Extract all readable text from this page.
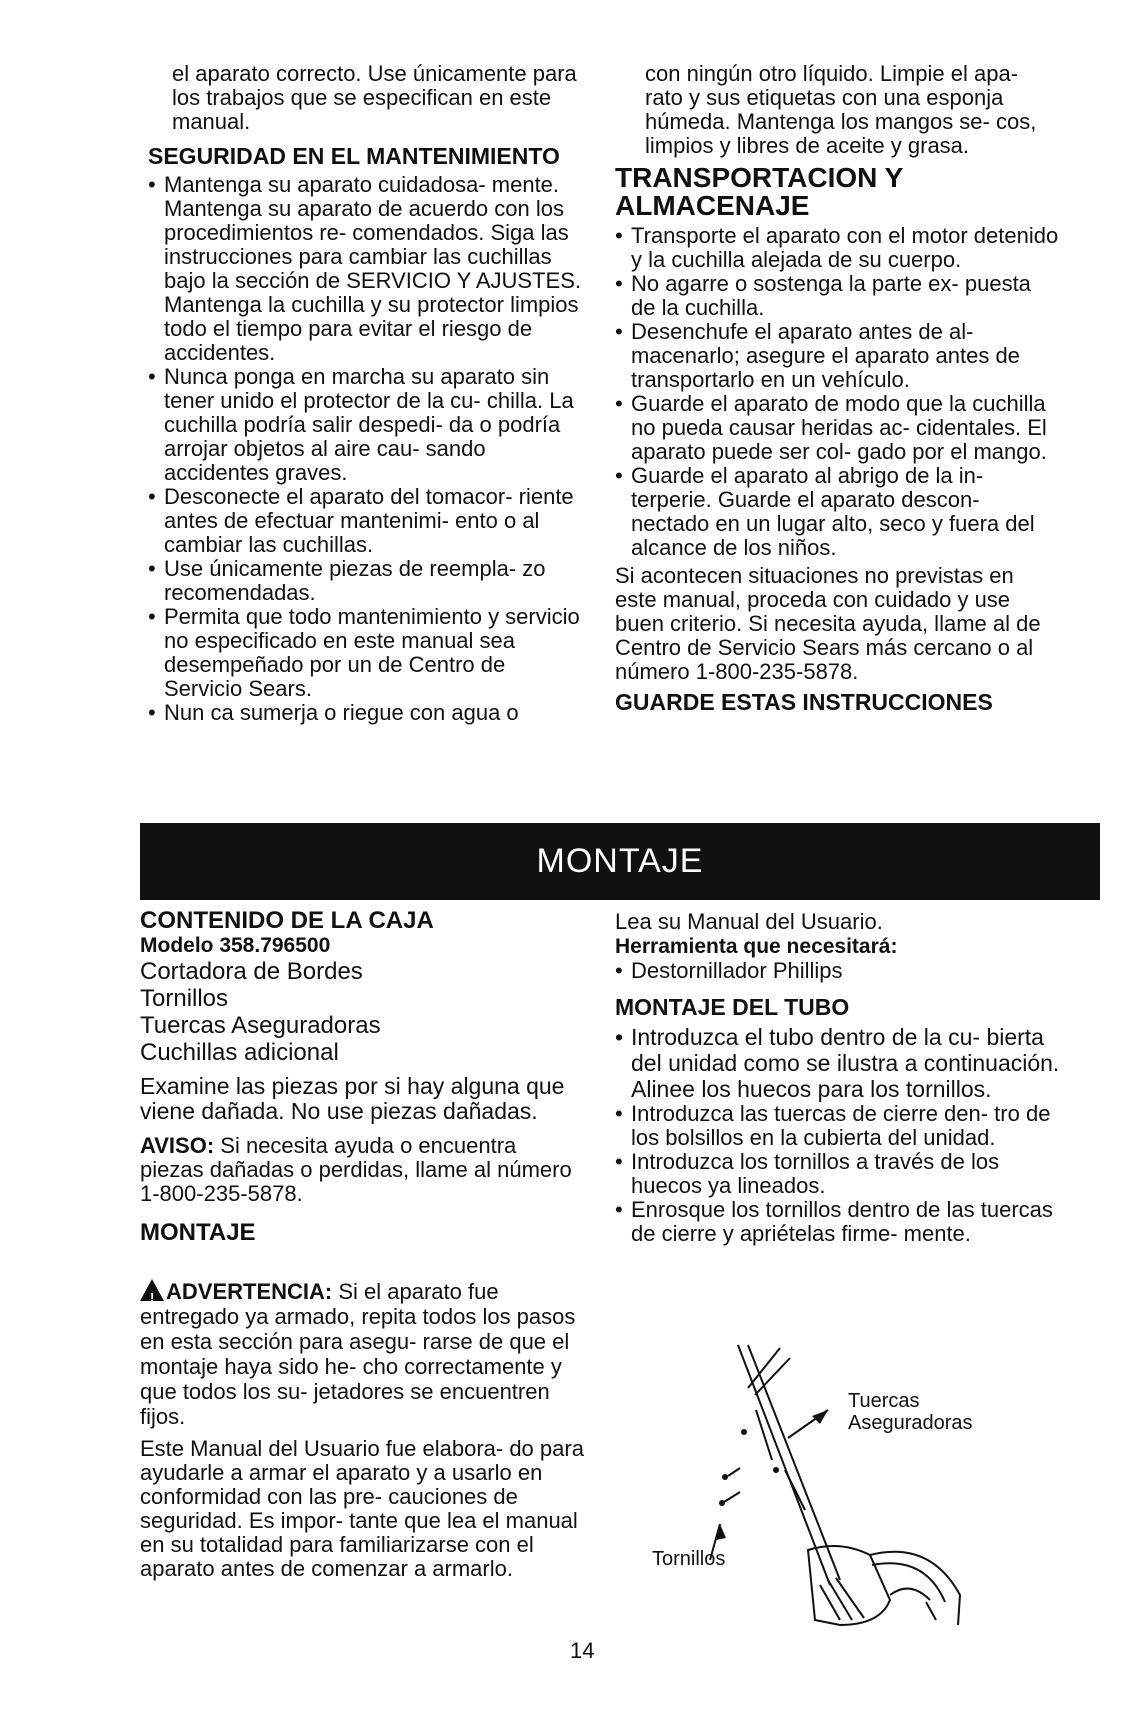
el aparato correcto. Use únicamente para los trabajos que se especifican en este manual.

SEGURIDAD EN EL MANTENIMIENTO

• Mantenga su aparato cuidadosa- mente. Mantenga su aparato de acuerdo con los procedimientos re- comendados. Siga las instrucciones para cambiar las cuchillas bajo la sección de SERVICIO Y AJUSTES. Mantenga la cuchilla y su protector limpios todo el tiempo para evitar el riesgo de accidentes.
• Nunca ponga en marcha su aparato sin tener unido el protector de la cu- chilla. La cuchilla podría salir despedi- da o podría arrojar objetos al aire cau- sando accidentes graves.
• Desconecte el aparato del tomacor- riente antes de efectuar mantenimi- ento o al cambiar las cuchillas.
• Use únicamente piezas de reempla- zo recomendadas.
• Permita que todo mantenimiento y servicio no especificado en este manual sea desempeñado por un de Centro de Servicio Sears.
• Nun ca sumerja o riegue con agua o

con ningún otro líquido. Limpie el apa- rato y sus etiquetas con una esponja húmeda. Mantenga los mangos se- cos, limpios y libres de aceite y grasa.

TRANSPORTACION Y ALMACENAJE

• Transporte el aparato con el motor detenido y la cuchilla alejada de su cuerpo.
• No agarre o sostenga la parte ex- puesta de la cuchilla.
• Desenchufe el aparato antes de al- macenarlo; asegure el aparato antes de transportarlo en un vehículo.
• Guarde el aparato de modo que la cuchilla no pueda causar heridas ac- cidentales. El aparato puede ser col- gado por el mango.
• Guarde el aparato al abrigo de la in- terperie. Guarde el aparato descon- nectado en un lugar alto, seco y fuera del alcance de los niños.

Si acontecen situaciones no previstas en este manual, proceda con cuidado y use buen criterio. Si necesita ayuda, llame al de Centro de Servicio Sears más cercano o al número 1-800-235-5878.

GUARDE ESTAS INSTRUCCIONES

MONTAJE

CONTENIDO DE LA CAJA

Modelo 358.796500

Cortadora de Bordes

Tornillos

Tuercas Aseguradoras

Cuchillas adicional

Examine las piezas por si hay alguna que viene dañada. No use piezas dañadas.

AVISO: Si necesita ayuda o encuentra piezas dañadas o perdidas, llame al número 1-800-235-5878.

MONTAJE

! ADVERTENCIA: Si el aparato fue entregado ya armado, repita todos los pasos en esta sección para asegu- rarse de que el montaje haya sido he- cho correctamente y que todos los su- jetadores se encuentren fijos.

Este Manual del Usuario fue elabora- do para ayudarle a armar el aparato y a usarlo en conformidad con las pre- cauciones de seguridad. Es impor- tante que lea el manual en su totalidad para familiarizarse con el aparato antes de comenzar a armarlo.

Lea su Manual del Usuario.

Herramienta que necesitará:

• Destornillador Phillips

MONTAJE DEL TUBO

• Introduzca el tubo dentro de la cu- bierta del unidad como se ilustra a continuación. Alinee los huecos para los tornillos.
• Introduzca las tuercas de cierre den- tro de los bolsillos en la cubierta del unidad.
• Introduzca los tornillos a través de los huecos ya lineados.
• Enrosque los tornillos dentro de las tuercas de cierre y apriételas firme- mente.
Tuercas
Aseguradoras
Tornillos
14
